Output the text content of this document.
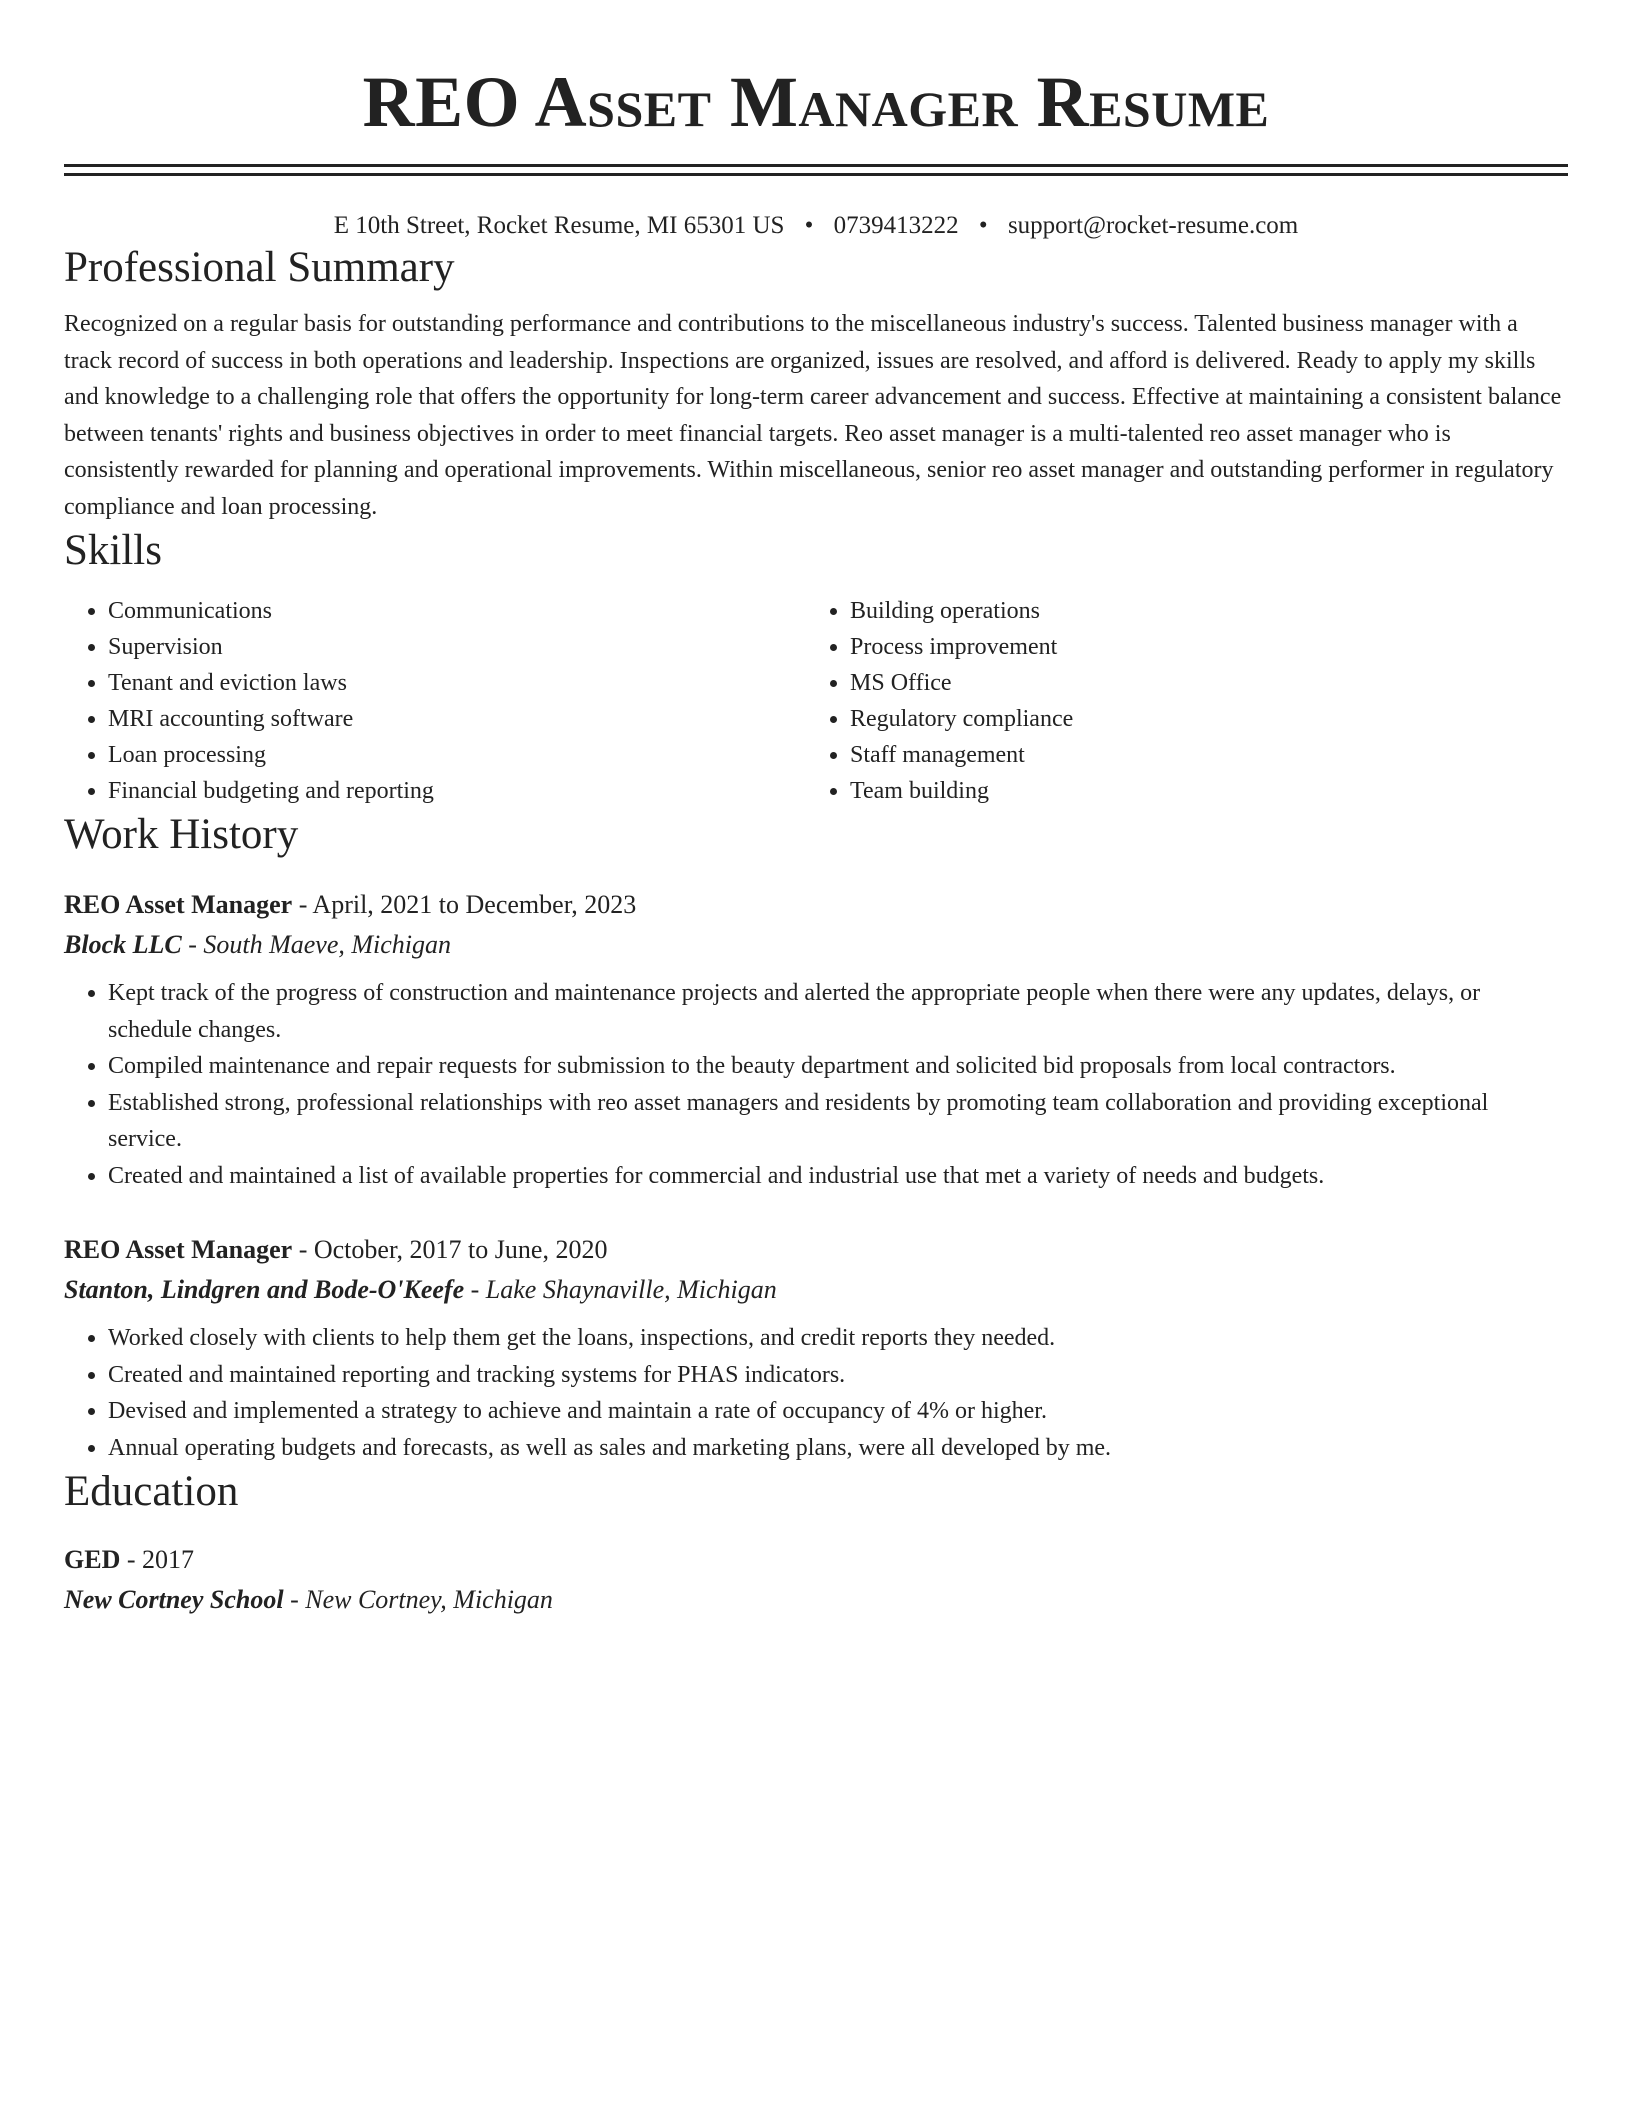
REO Asset Manager Resume
E 10th Street, Rocket Resume, MI 65301 US • 0739413222 • support@rocket-resume.com
Professional Summary

Recognized on a regular basis for outstanding performance and contributions to the miscellaneous industry's success. Talented business manager with a track record of success in both operations and leadership. Inspections are organized, issues are resolved, and afford is delivered. Ready to apply my skills and knowledge to a challenging role that offers the opportunity for long-term career advancement and success. Effective at maintaining a consistent balance between tenants' rights and business objectives in order to meet financial targets. Reo asset manager is a multi-talented reo asset manager who is consistently rewarded for planning and operational improvements. Within miscellaneous, senior reo asset manager and outstanding performer in regulatory compliance and loan processing.

Skills
• Communications
• Supervision
• Tenant and eviction laws
• MRI accounting software
• Loan processing
• Financial budgeting and reporting
• Building operations
• Process improvement
• MS Office
• Regulatory compliance
• Staff management
• Team building
Work History
REO Asset Manager - April, 2021 to December, 2023
Block LLC - South Maeve, Michigan
• Kept track of the progress of construction and maintenance projects and alerted the appropriate people when there were any updates, delays, or schedule changes.
• Compiled maintenance and repair requests for submission to the beauty department and solicited bid proposals from local contractors.
• Established strong, professional relationships with reo asset managers and residents by promoting team collaboration and providing exceptional service.
• Created and maintained a list of available properties for commercial and industrial use that met a variety of needs and budgets.
REO Asset Manager - October, 2017 to June, 2020
Stanton, Lindgren and Bode-O'Keefe - Lake Shaynaville, Michigan
• Worked closely with clients to help them get the loans, inspections, and credit reports they needed.
• Created and maintained reporting and tracking systems for PHAS indicators.
• Devised and implemented a strategy to achieve and maintain a rate of occupancy of 4% or higher.
• Annual operating budgets and forecasts, as well as sales and marketing plans, were all developed by me.
Education
GED - 2017
New Cortney School - New Cortney, Michigan
